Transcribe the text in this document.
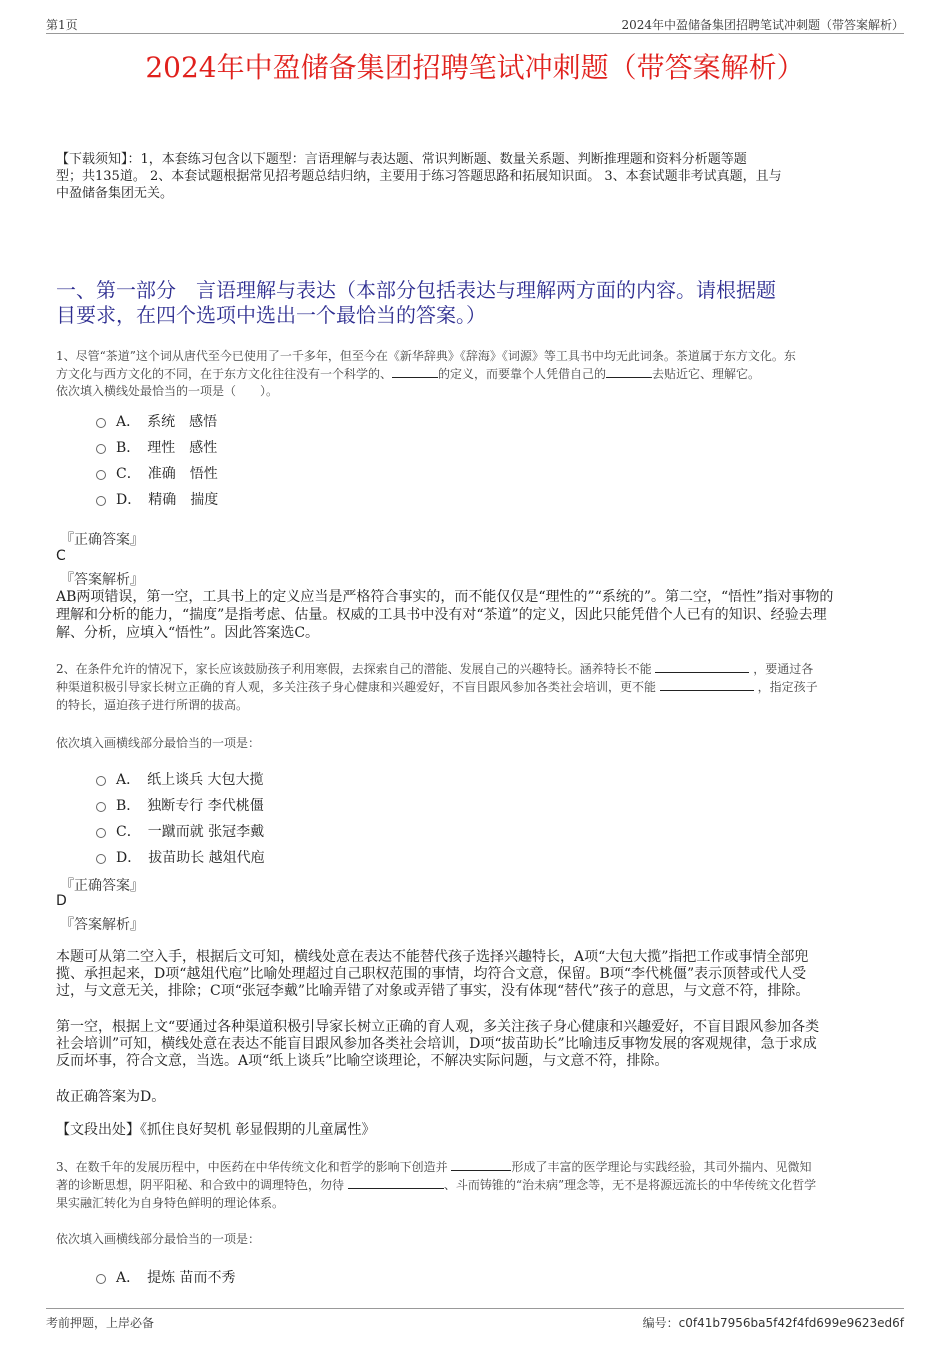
第1页	2024年中盈储备集团招聘笔试冲刺题（带答案解析）
2024年中盈储备集团招聘笔试冲刺题（带答案解析）
【下载须知】：1，本套练习包含以下题型：言语理解与表达题、常识判断题、数量关系题、判断推理题和资料分析题等题
型；共135道。 2、本套试题根据常见招考题总结归纳，主要用于练习答题思路和拓展知识面。 3、本套试题非考试真题，且与
中盈储备集团无关。
一、第一部分　言语理解与表达（本部分包括表达与理解两方面的内容。请根据题
目要求，在四个选项中选出一个最恰当的答案。）
1、尽管“茶道”这个词从唐代至今已使用了一千多年，但至今在《新华辞典》《辞海》《词源》等工具书中均无此词条。茶道属于东方文化。东
方文化与西方文化的不同，在于东方文化往往没有一个科学的、	的定义，而要靠个人凭借自己的	去贴近它、理解它。
依次填入横线处最恰当的一项是（　　）。
A．　系统　感悟
B．　理性　感性
C．　准确　悟性
D．　精确　揣度
『正确答案』
C
『答案解析』
AB两项错误，第一空，工具书上的定义应当是严格符合事实的，而不能仅仅是“理性的”“系统的”。第二空，“悟性”指对事物的
理解和分析的能力，“揣度”是指考虑、估量。权威的工具书中没有对“茶道”的定义，因此只能凭借个人已有的知识、经验去理
解、分析，应填入“悟性”。因此答案选C。
2、在条件允许的情况下，家长应该鼓励孩子利用寒假，去探索自己的潜能、发展自己的兴趣特长。涵养特长不能	，要通过各
种渠道积极引导家长树立正确的育人观，多关注孩子身心健康和兴趣爱好，不盲目跟风参加各类社会培训，更不能	，指定孩子
的特长，逼迫孩子进行所谓的拔高。
依次填入画横线部分最恰当的一项是：
A．　纸上谈兵 大包大揽
B．　独断专行 李代桃僵
C．　一蹴而就 张冠李戴
D．　拔苗助长 越俎代庖
『正确答案』
D
『答案解析』
本题可从第二空入手，根据后文可知，横线处意在表达不能替代孩子选择兴趣特长，A项“大包大揽”指把工作或事情全部兜
揽、承担起来，D项“越俎代庖”比喻处理超过自己职权范围的事情，均符合文意，保留。B项“李代桃僵”表示顶替或代人受
过，与文意无关，排除；C项“张冠李戴”比喻弄错了对象或弄错了事实，没有体现“替代”孩子的意思，与文意不符，排除。
第一空，根据上文“要通过各种渠道积极引导家长树立正确的育人观，多关注孩子身心健康和兴趣爱好，不盲目跟风参加各类
社会培训”可知，横线处意在表达不能盲目跟风参加各类社会培训，D项“拔苗助长”比喻违反事物发展的客观规律，急于求成
反而坏事，符合文意，当选。A项“纸上谈兵”比喻空谈理论，不解决实际问题，与文意不符，排除。
故正确答案为D。
【文段出处】《抓住良好契机 彰显假期的儿童属性》
3、在数千年的发展历程中，中医药在中华传统文化和哲学的影响下创造并	形成了丰富的医学理论与实践经验，其司外揣内、见微知
著的诊断思想，阴平阳秘、和合致中的调理特色，勿待	、斗而铸锥的“治未病”理念等，无不是将源远流长的中华传统文化哲学
果实融汇转化为自身特色鲜明的理论体系。
依次填入画横线部分最恰当的一项是：
A．　提炼 苗而不秀
考前押题，上岸必备	编号：c0f41b7956ba5f42f4fd699e9623ed6f
